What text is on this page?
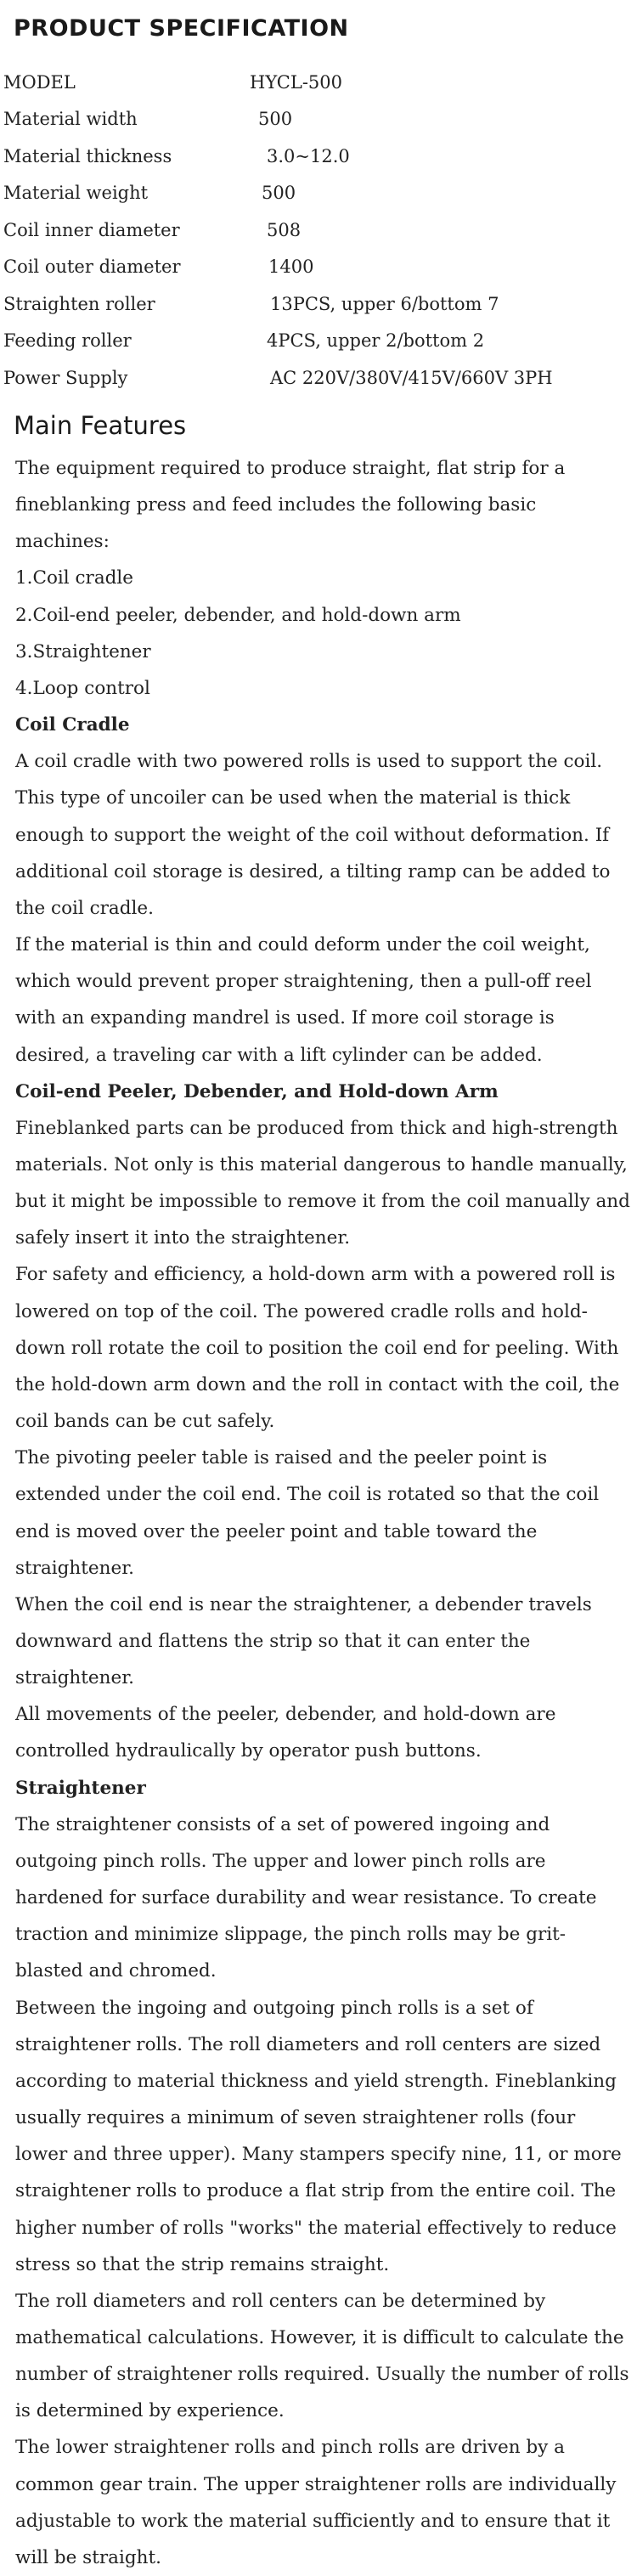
PRODUCT SPECIFICATION
MODEL	HYCL-500
Material width	500
Material thickness	3.0~12.0
Material weight	500
Coil inner diameter	508
Coil outer diameter	1400
Straighten roller	13PCS, upper 6/bottom 7
Feeding roller	4PCS, upper 2/bottom 2
Power Supply	AC 220V/380V/415V/660V 3PH
Main Features

The equipment required to produce straight, flat strip for a fineblanking press and feed includes the following basic machines:

1.Coil cradle

2.Coil-end peeler, debender, and hold-down arm

3.Straightener

4.Loop control

Coil Cradle

A coil cradle with two powered rolls is used to support the coil. This type of uncoiler can be used when the material is thick enough to support the weight of the coil without deformation. If additional coil storage is desired, a tilting ramp can be added to the coil cradle.

If the material is thin and could deform under the coil weight, which would prevent proper straightening, then a pull-off reel with an expanding mandrel is used. If more coil storage is desired, a traveling car with a lift cylinder can be added.

Coil-end Peeler, Debender, and Hold-down Arm

Fineblanked parts can be produced from thick and high-strength materials. Not only is this material dangerous to handle manually, but it might be impossible to remove it from the coil manually and safely insert it into the straightener.

For safety and efficiency, a hold-down arm with a powered roll is lowered on top of the coil. The powered cradle rolls and hold-down roll rotate the coil to position the coil end for peeling. With the hold-down arm down and the roll in contact with the coil, the coil bands can be cut safely.

The pivoting peeler table is raised and the peeler point is extended under the coil end. The coil is rotated so that the coil end is moved over the peeler point and table toward the straightener.

When the coil end is near the straightener, a debender travels downward and flattens the strip so that it can enter the straightener.

All movements of the peeler, debender, and hold-down are controlled hydraulically by operator push buttons.

Straightener

The straightener consists of a set of powered ingoing and outgoing pinch rolls. The upper and lower pinch rolls are hardened for surface durability and wear resistance. To create traction and minimize slippage, the pinch rolls may be grit-blasted and chromed.

Between the ingoing and outgoing pinch rolls is a set of straightener rolls. The roll diameters and roll centers are sized according to material thickness and yield strength. Fineblanking usually requires a minimum of seven straightener rolls (four lower and three upper). Many stampers specify nine, 11, or more straightener rolls to produce a flat strip from the entire coil. The higher number of rolls "works" the material effectively to reduce stress so that the strip remains straight.

The roll diameters and roll centers can be determined by mathematical calculations. However, it is difficult to calculate the number of straightener rolls required. Usually the number of rolls is determined by experience.

The lower straightener rolls and pinch rolls are driven by a common gear train. The upper straightener rolls are individually adjustable to work the material sufficiently and to ensure that it will be straight.
